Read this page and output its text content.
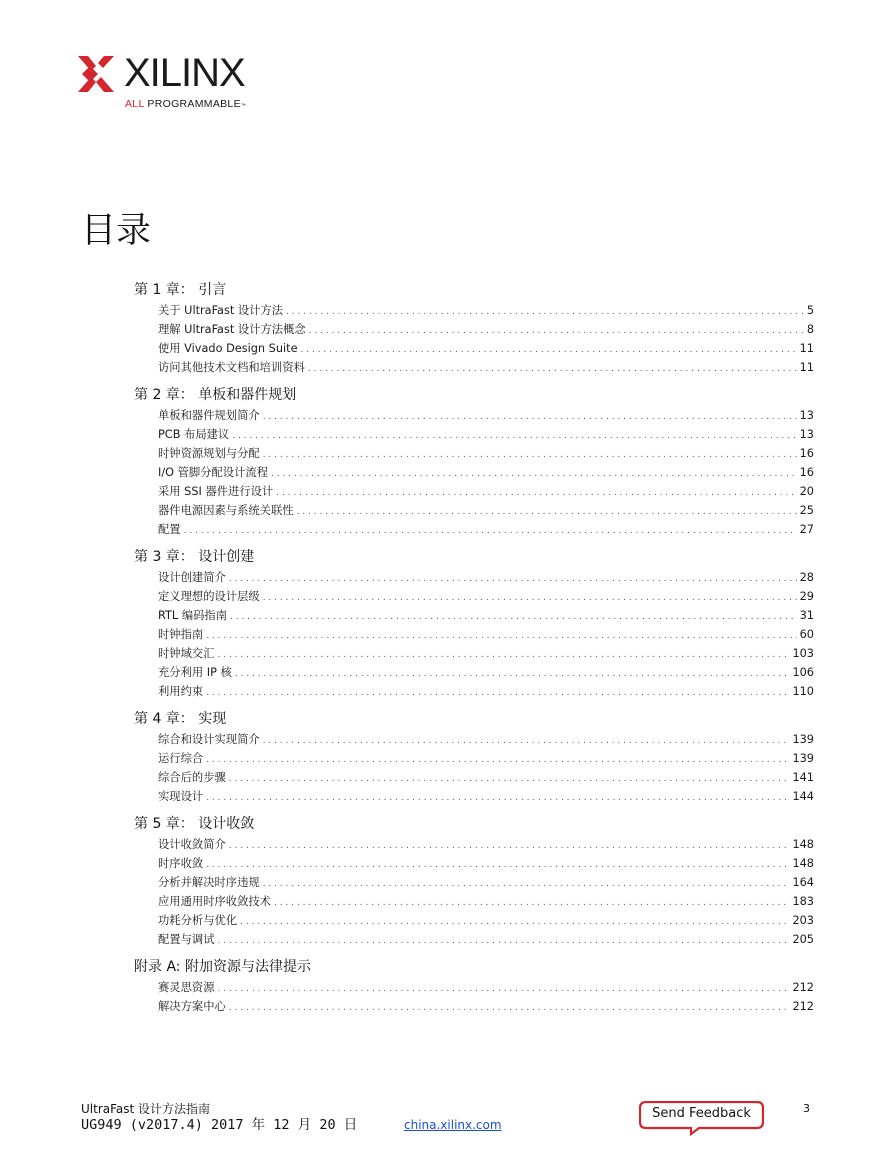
XILINX
ALL PROGRAMMABLE™
目录
第 1 章： 引言
关于 UltraFast 设计方法 . . .	5
理解 UltraFast 设计方法概念 . . .	8
使用 Vivado Design Suite . . .	11
访问其他技术文档和培训资料 . . .	11
第 2 章： 单板和器件规划
单板和器件规划简介 . . .	13
PCB 布局建议 . . .	13
时钟资源规划与分配 . . .	16
I/O 管脚分配设计流程 . . .	16
采用 SSI 器件进行设计 . . .	20
器件电源因素与系统关联性 . . .	25
配置 . . .	27
第 3 章： 设计创建
设计创建简介 . . .	28
定义理想的设计层级 . . .	29
RTL 编码指南 . . .	31
时钟指南 . . .	60
时钟域交汇 . . .	103
充分利用 IP 核 . . .	106
利用约束 . . .	110
第 4 章： 实现
综合和设计实现简介 . . .	139
运行综合 . . .	139
综合后的步骤 . . .	141
实现设计 . . .	144
第 5 章： 设计收敛
设计收敛简介 . . .	148
时序收敛 . . .	148
分析并解决时序违规 . . .	164
应用通用时序收敛技术 . . .	183
功耗分析与优化 . . .	203
配置与调试 . . .	205
附录 A: 附加资源与法律提示
赛灵思资源 . . .	212
解决方案中心 . . .	212
UltraFast 设计方法指南
UG949 (v2017.4) 2017 年 12 月 20 日	china.xilinx.com
Send Feedback	3
